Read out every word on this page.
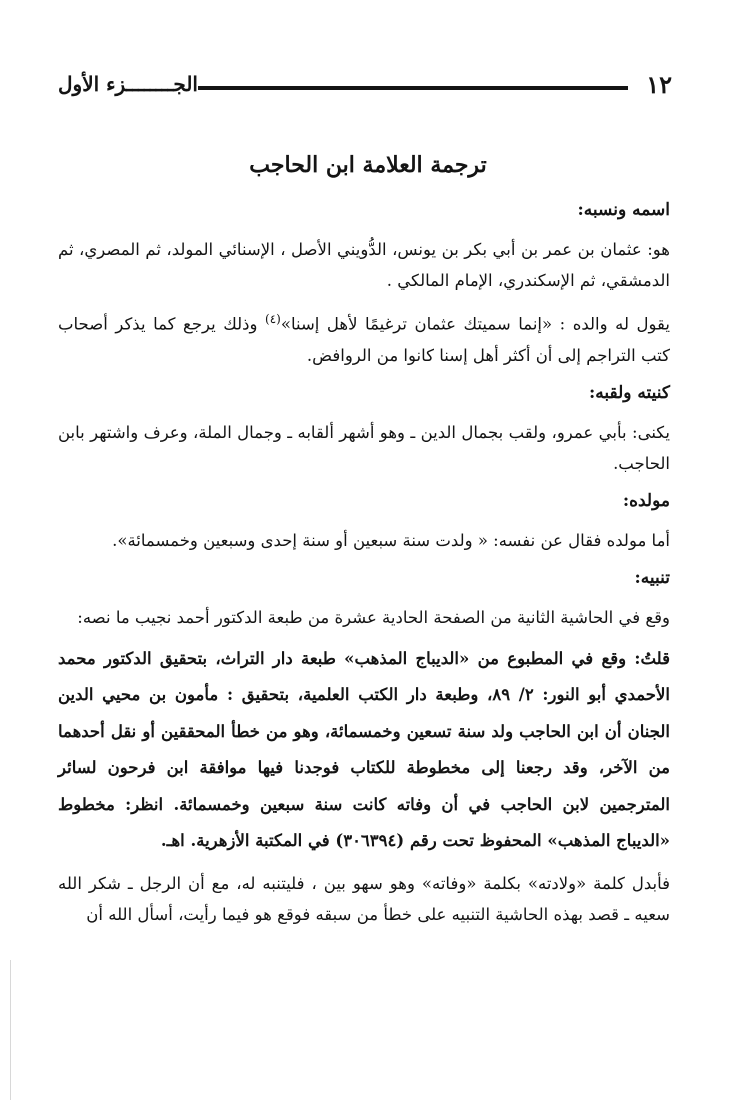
١٢
الجــــــــزء الأول
ترجمة العلامة ابن الحاجب

اسمه ونسبه:

هو: عثمان بن عمر بن أبي بكر بن يونس، الدُّويني الأصل ، الإسنائي المولد، ثم المصري، ثم الدمشقي، ثم الإسكندري، الإمام المالكي .

يقول له والده : «إنما سميتك عثمان ترغيمًا لأهل إسنا»$^{(٤)}$ وذلك يرجع كما يذكر أصحاب كتب التراجم إلى أن أكثر أهل إسنا كانوا من الروافض.

كنيته ولقبه:

يكنى: بأبي عمرو، ولقب بجمال الدين ـ وهو أشهر ألقابه ـ وجمال الملة، وعرف واشتهر بابن الحاجب.

مولده:

أما مولده فقال عن نفسه: « ولدت سنة سبعين أو سنة إحدى وسبعين وخمسمائة».

تنبيه:

وقع في الحاشية الثانية من الصفحة الحادية عشرة من طبعة الدكتور أحمد نجيب ما نصه:

قلتُ: وقع في المطبوع من «الديباج المذهب» طبعة دار التراث، بتحقيق الدكتور محمد الأحمدي أبو النور: ٢/ ٨٩، وطبعة دار الكتب العلمية، بتحقيق : مأمون بن محيي الدين الجنان أن ابن الحاجب ولد سنة تسعين وخمسمائة، وهو من خطأ المحققين أو نقل أحدهما من الآخر، وقد رجعنا إلى مخطوطة للكتاب فوجدنا فيها موافقة ابن فرحون لسائر المترجمين لابن الحاجب في أن وفاته كانت سنة سبعين وخمسمائة. انظر: مخطوط «الديباج المذهب» المحفوظ تحت رقم (٣٠٦٣٩٤) في المكتبة الأزهرية. اهـ.

فأبدل كلمة «ولادته» بكلمة «وفاته» وهو سهو بين ، فليتنبه له، مع أن الرجل ـ شكر الله سعيه ـ قصد بهذه الحاشية التنبيه على خطأ من سبقه فوقع هو فيما رأيت، أسأل الله أن
